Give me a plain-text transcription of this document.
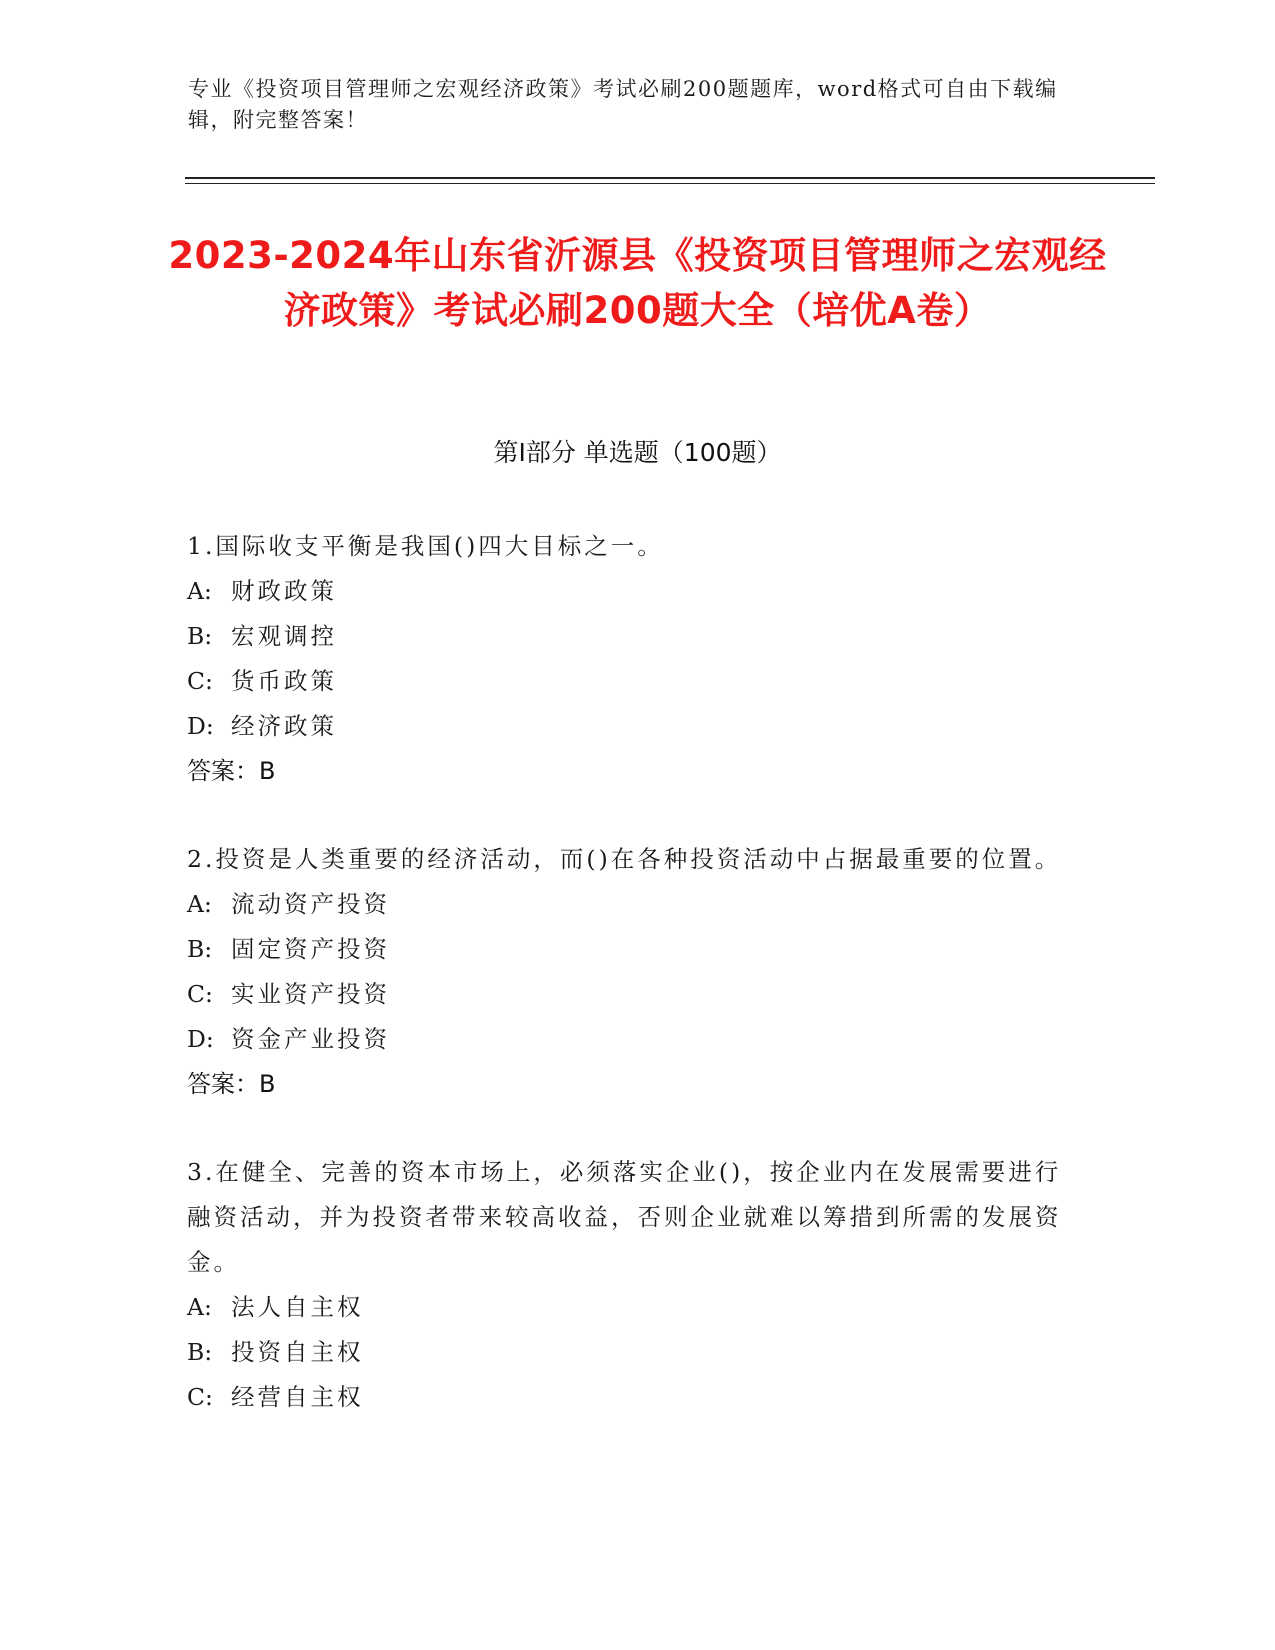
专业《投资项目管理师之宏观经济政策》考试必刷200题题库，word格式可自由下载编辑，附完整答案！
2023-2024年山东省沂源县《投资项目管理师之宏观经济政策》考试必刷200题大全（培优A卷）
第Ⅰ部分 单选题（100题）
1.国际收支平衡是我国()四大目标之一。
A: 财政政策
B: 宏观调控
C: 货币政策
D: 经济政策
答案：B
2.投资是人类重要的经济活动，而()在各种投资活动中占据最重要的位置。
A: 流动资产投资
B: 固定资产投资
C: 实业资产投资
D: 资金产业投资
答案：B
3.在健全、完善的资本市场上，必须落实企业()，按企业内在发展需要进行融资活动，并为投资者带来较高收益，否则企业就难以筹措到所需的发展资金。
A: 法人自主权
B: 投资自主权
C: 经营自主权
